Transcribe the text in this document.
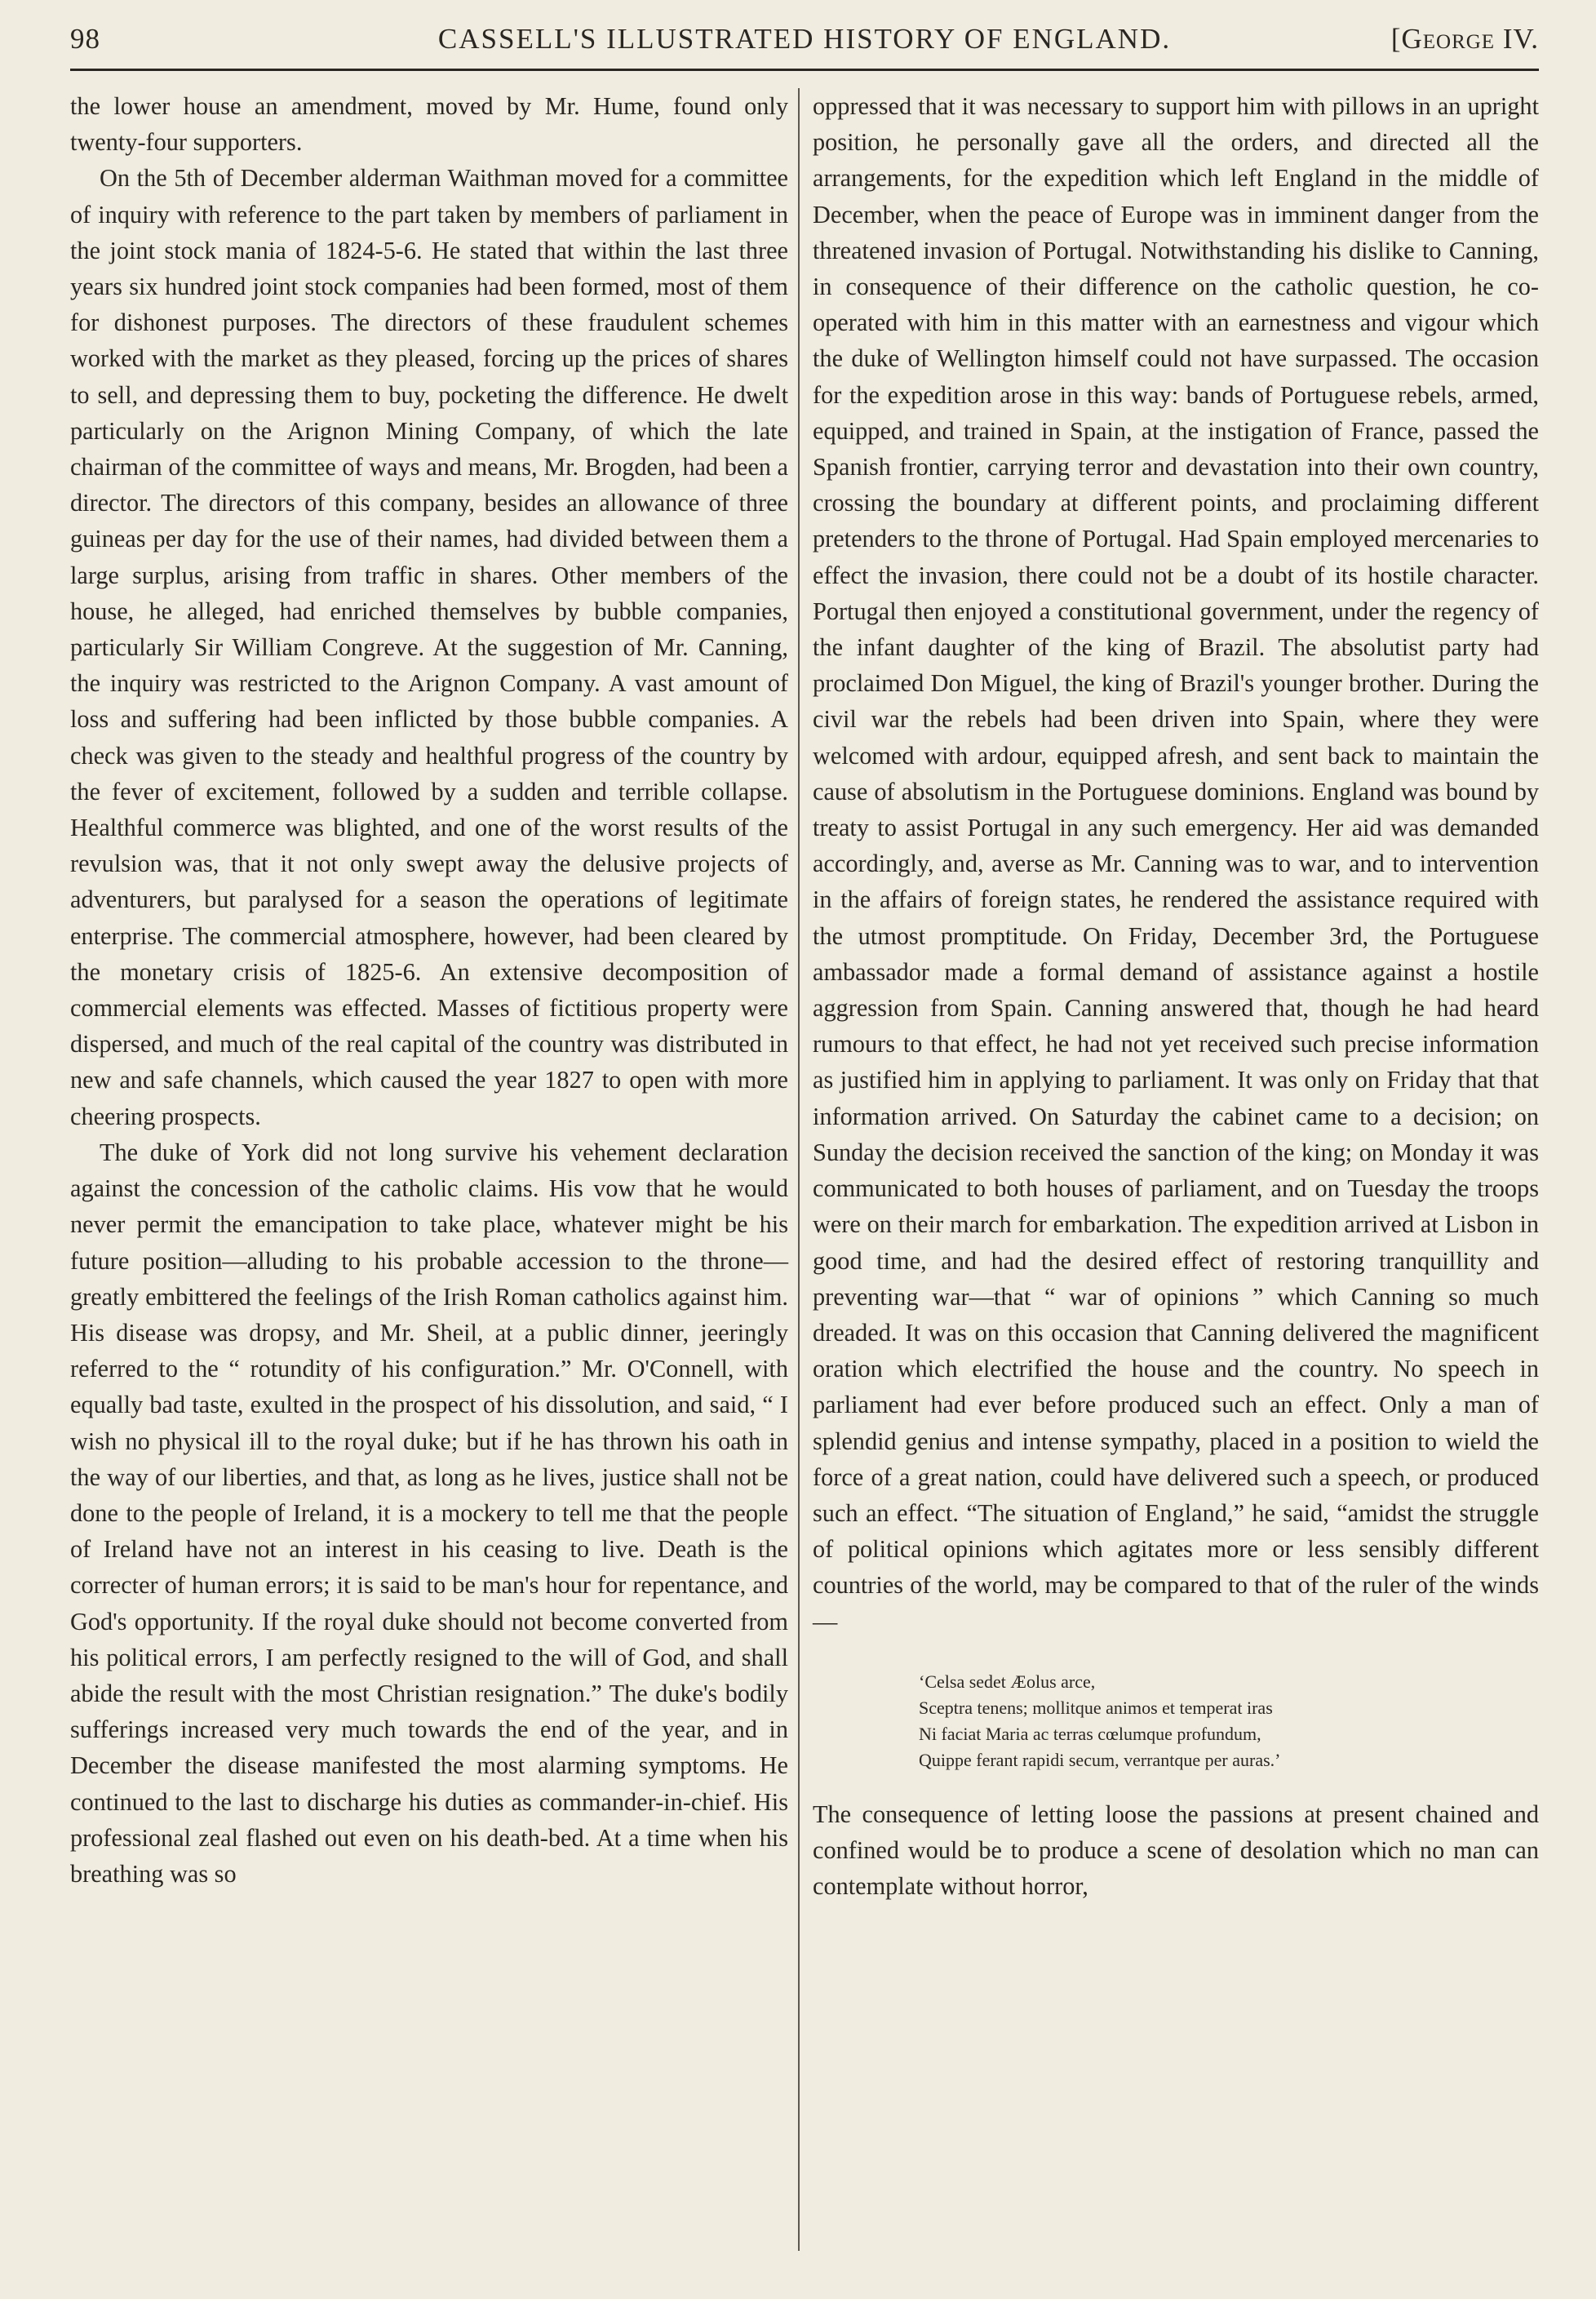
98	CASSELL'S ILLUSTRATED HISTORY OF ENGLAND.	[George IV.

the lower house an amendment, moved by Mr. Hume, found only twenty-four supporters.

On the 5th of December alderman Waithman moved for a committee of inquiry with reference to the part taken by members of parliament in the joint stock mania of 1824-5-6. He stated that within the last three years six hundred joint stock companies had been formed, most of them for dishonest purposes. The directors of these fraudulent schemes worked with the market as they pleased, forcing up the prices of shares to sell, and depressing them to buy, pocketing the difference. He dwelt particularly on the Arignon Mining Company, of which the late chairman of the committee of ways and means, Mr. Brogden, had been a director. The directors of this company, besides an allowance of three guineas per day for the use of their names, had divided between them a large surplus, arising from traffic in shares. Other members of the house, he alleged, had enriched themselves by bubble companies, particularly Sir William Congreve. At the suggestion of Mr. Canning, the inquiry was restricted to the Arignon Company. A vast amount of loss and suffering had been inflicted by those bubble companies. A check was given to the steady and healthful progress of the country by the fever of excitement, followed by a sudden and terrible collapse. Healthful commerce was blighted, and one of the worst results of the revulsion was, that it not only swept away the delusive projects of adventurers, but paralysed for a season the operations of legitimate enterprise. The commercial atmosphere, however, had been cleared by the monetary crisis of 1825-6. An extensive decomposition of commercial elements was effected. Masses of fictitious property were dispersed, and much of the real capital of the country was distributed in new and safe channels, which caused the year 1827 to open with more cheering prospects.

The duke of York did not long survive his vehement declaration against the concession of the catholic claims. His vow that he would never permit the emancipation to take place, whatever might be his future position—alluding to his probable accession to the throne—greatly embittered the feelings of the Irish Roman catholics against him. His disease was dropsy, and Mr. Sheil, at a public dinner, jeeringly referred to the “ rotundity of his configuration.” Mr. O'Connell, with equally bad taste, exulted in the prospect of his dissolution, and said, “ I wish no physical ill to the royal duke; but if he has thrown his oath in the way of our liberties, and that, as long as he lives, justice shall not be done to the people of Ireland, it is a mockery to tell me that the people of Ireland have not an interest in his ceasing to live. Death is the correcter of human errors; it is said to be man's hour for repentance, and God's opportunity. If the royal duke should not become converted from his political errors, I am perfectly resigned to the will of God, and shall abide the result with the most Christian resignation.” The duke's bodily sufferings increased very much towards the end of the year, and in December the disease manifested the most alarming symptoms. He continued to the last to discharge his duties as commander-in-chief. His professional zeal flashed out even on his death-bed. At a time when his breathing was so

oppressed that it was necessary to support him with pillows in an upright position, he personally gave all the orders, and directed all the arrangements, for the expedition which left England in the middle of December, when the peace of Europe was in imminent danger from the threatened invasion of Portugal. Notwithstanding his dislike to Canning, in consequence of their difference on the catholic question, he co-operated with him in this matter with an earnestness and vigour which the duke of Wellington himself could not have surpassed. The occasion for the expedition arose in this way: bands of Portuguese rebels, armed, equipped, and trained in Spain, at the instigation of France, passed the Spanish frontier, carrying terror and devastation into their own country, crossing the boundary at different points, and proclaiming different pretenders to the throne of Portugal. Had Spain employed mercenaries to effect the invasion, there could not be a doubt of its hostile character. Portugal then enjoyed a constitutional government, under the regency of the infant daughter of the king of Brazil. The absolutist party had proclaimed Don Miguel, the king of Brazil's younger brother. During the civil war the rebels had been driven into Spain, where they were welcomed with ardour, equipped afresh, and sent back to maintain the cause of absolutism in the Portuguese dominions. England was bound by treaty to assist Portugal in any such emergency. Her aid was demanded accordingly, and, averse as Mr. Canning was to war, and to intervention in the affairs of foreign states, he rendered the assistance required with the utmost promptitude. On Friday, December 3rd, the Portuguese ambassador made a formal demand of assistance against a hostile aggression from Spain. Canning answered that, though he had heard rumours to that effect, he had not yet received such precise information as justified him in applying to parliament. It was only on Friday that that information arrived. On Saturday the cabinet came to a decision; on Sunday the decision received the sanction of the king; on Monday it was communicated to both houses of parliament, and on Tuesday the troops were on their march for embarkation. The expedition arrived at Lisbon in good time, and had the desired effect of restoring tranquillity and preventing war—that “ war of opinions ” which Canning so much dreaded. It was on this occasion that Canning delivered the magnificent oration which electrified the house and the country. No speech in parliament had ever before produced such an effect. Only a man of splendid genius and intense sympathy, placed in a position to wield the force of a great nation, could have delivered such a speech, or produced such an effect. “The situation of England,” he said, “amidst the struggle of political opinions which agitates more or less sensibly different countries of the world, may be compared to that of the ruler of the winds—

‘Celsa sedet Æolus arce,
Sceptra tenens; mollitque animos et temperat iras
Ni faciat Maria ac terras cœlumque profundum,
Quippe ferant rapidi secum, verrantque per auras.’

The consequence of letting loose the passions at present chained and confined would be to produce a scene of desolation which no man can contemplate without horror,
